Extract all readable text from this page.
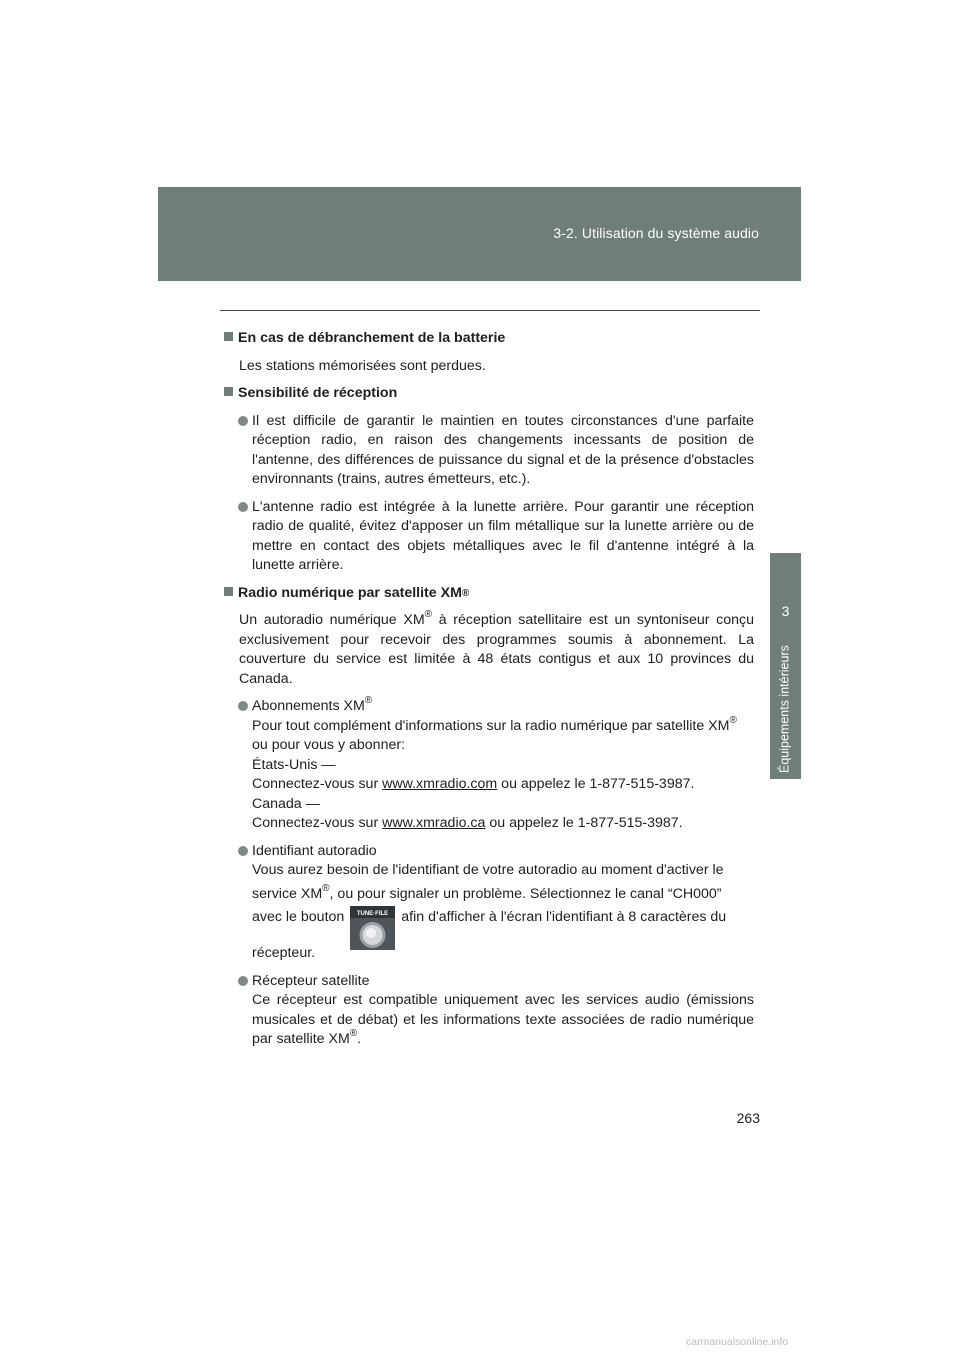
3-2. Utilisation du système audio
3
Équipements intérieurs
En cas de débranchement de la batterie

Les stations mémorisées sont perdues.

Sensibilité de réception
Il est difficile de garantir le maintien en toutes circonstances d'une parfaite réception radio, en raison des changements incessants de position de l'antenne, des différences de puissance du signal et de la présence d'obstacles environnants (trains, autres émetteurs, etc.).
L'antenne radio est intégrée à la lunette arrière. Pour garantir une réception radio de qualité, évitez d'apposer un film métallique sur la lunette arrière ou de mettre en contact des objets métalliques avec le fil d'antenne intégré à la lunette arrière.
Radio numérique par satellite XM®

Un autoradio numérique XM® à réception satellitaire est un syntoniseur conçu exclusivement pour recevoir des programmes soumis à abonnement. La couverture du service est limitée à 48 états contigus et aux 10 provinces du Canada.

Abonnements XM®
Pour tout complément d'informations sur la radio numérique par satellite XM®
ou pour vous y abonner:
États-Unis —
Connectez-vous sur www.xmradio.com ou appelez le 1-877-515-3987.
Canada —
Connectez-vous sur www.xmradio.ca ou appelez le 1-877-515-3987.
Identifiant autoradio
Vous aurez besoin de l'identifiant de votre autoradio au moment d'activer le
service XM®, ou pour signaler un problème. Sélectionnez le canal “CH000”
avec le bouton TUNE·FILE afin d'afficher à l'écran l'identifiant à 8 caractères du
récepteur.
Récepteur satellite
Ce récepteur est compatible uniquement avec les services audio (émissions musicales et de débat) et les informations texte associées de radio numérique par satellite XM®.
263
carmanualsonline.info
